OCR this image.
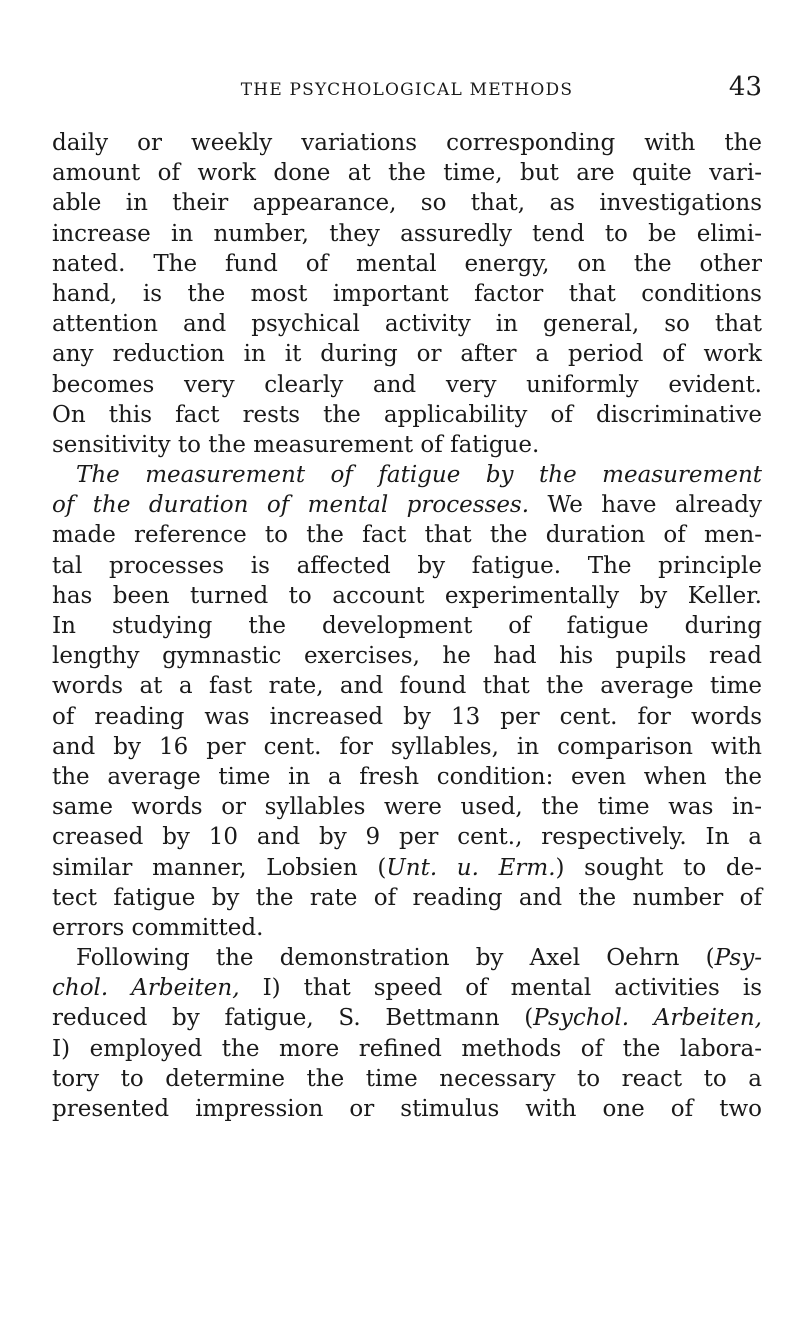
THE PSYCHOLOGICAL METHODS	43
daily or weekly variations corresponding with the
amount of work done at the time, but are quite vari-
able in their appearance, so that, as investigations
increase in number, they assuredly tend to be elimi-
nated. The fund of mental energy, on the other
hand, is the most important factor that conditions
attention and psychical activity in general, so that
any reduction in it during or after a period of work
becomes very clearly and very uniformly evident.
On this fact rests the applicability of discriminative
sensitivity to the measurement of fatigue.
The measurement of fatigue by the measurement
of the duration of mental processes. We have already
made reference to the fact that the duration of men-
tal processes is affected by fatigue. The principle
has been turned to account experimentally by Keller.
In studying the development of fatigue during
lengthy gymnastic exercises, he had his pupils read
words at a fast rate, and found that the average time
of reading was increased by 13 per cent. for words
and by 16 per cent. for syllables, in comparison with
the average time in a fresh condition: even when the
same words or syllables were used, the time was in-
creased by 10 and by 9 per cent., respectively. In a
similar manner, Lobsien (Unt. u. Erm.) sought to de-
tect fatigue by the rate of reading and the number of
errors committed.
Following the demonstration by Axel Oehrn (Psy-
chol. Arbeiten, I) that speed of mental activities is
reduced by fatigue, S. Bettmann (Psychol. Arbeiten,
I) employed the more refined methods of the labora-
tory to determine the time necessary to react to a
presented impression or stimulus with one of two
